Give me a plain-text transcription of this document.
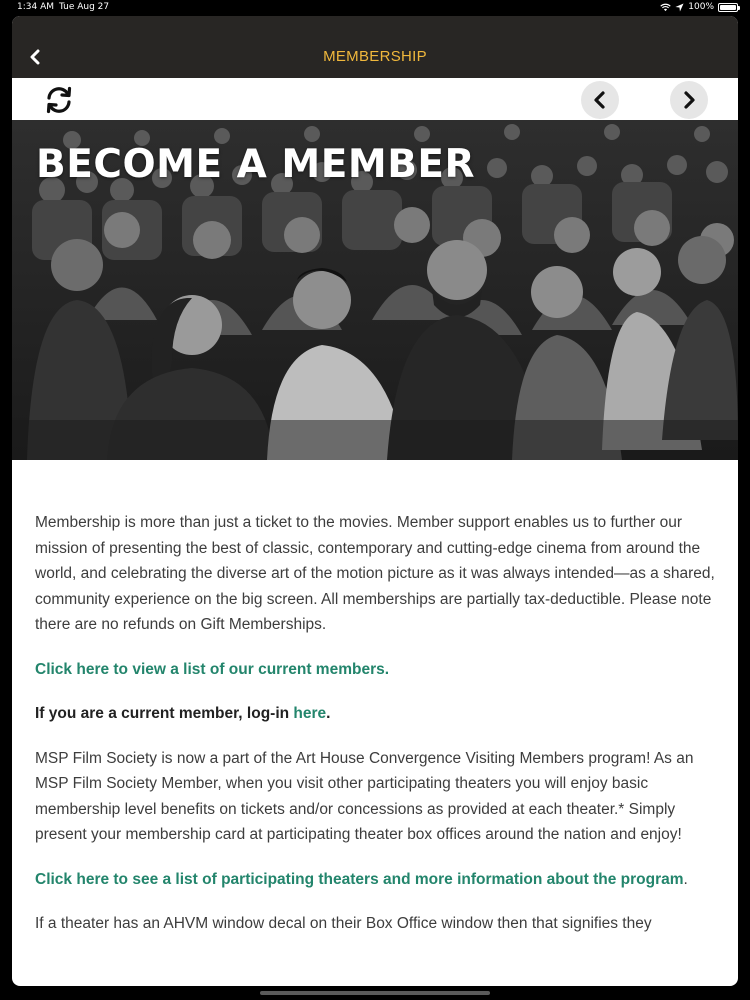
1:34 AM Tue Aug 27	100%
MEMBERSHIP
BECOME A MEMBER

Membership is more than just a ticket to the movies. Member support enables us to further our mission of presenting the best of classic, contemporary and cutting-edge cinema from around the world, and celebrating the diverse art of the motion picture as it was always intended—as a shared, community experience on the big screen. All memberships are partially tax-deductible. Please note there are no refunds on Gift Memberships.

Click here to view a list of our current members.

If you are a current member, log-in here.

MSP Film Society is now a part of the Art House Convergence Visiting Members program! As an MSP Film Society Member, when you visit other participating theaters you will enjoy basic membership level benefits on tickets and/or concessions as provided at each theater.* Simply present your membership card at participating theater box offices around the nation and enjoy!

Click here to see a list of participating theaters and more information about the program.

If a theater has an AHVM window decal on their Box Office window then that signifies they
